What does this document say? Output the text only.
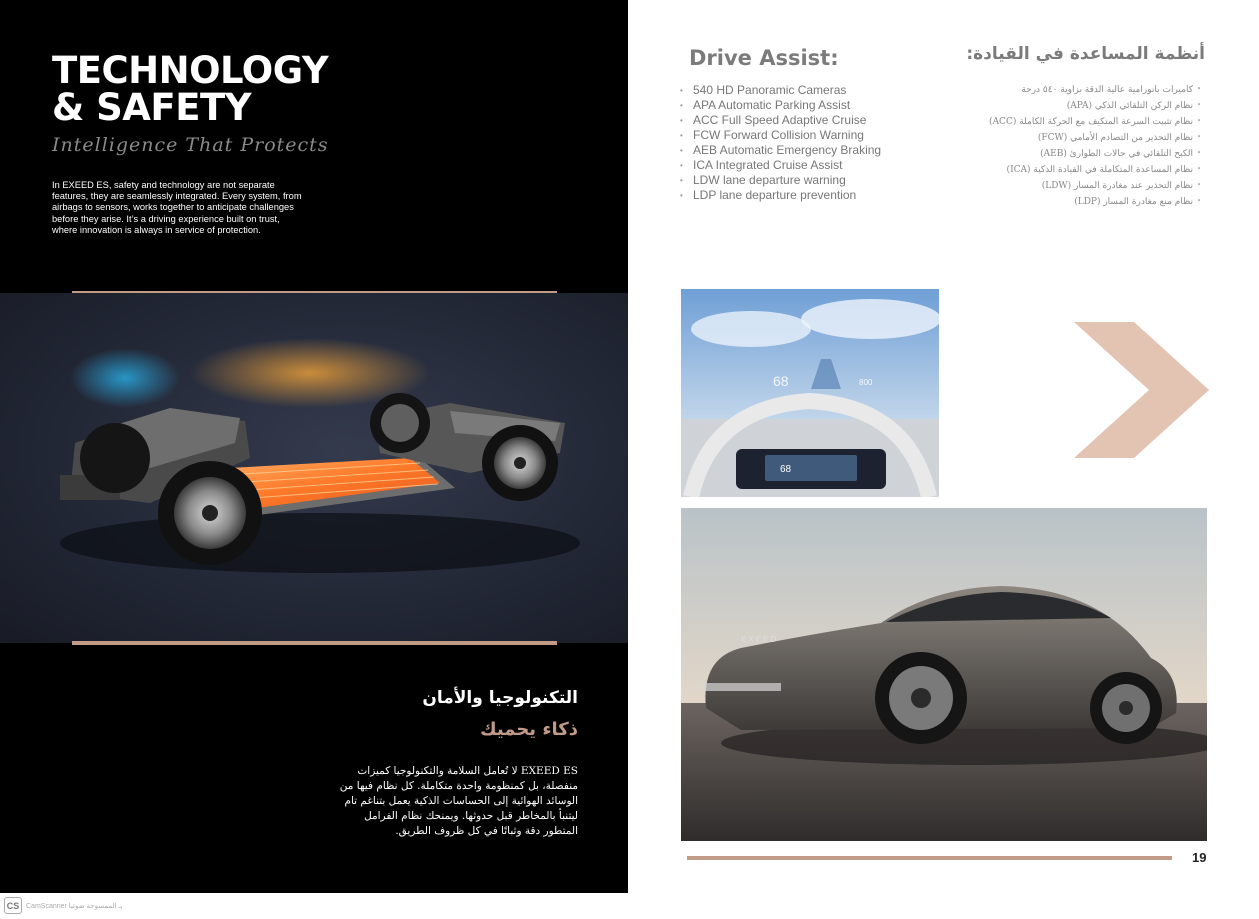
TECHNOLOGY
& SAFETY
Intelligence That Protects
In EXEED ES, safety and technology are not separate features, they are seamlessly integrated. Every system, from airbags to sensors, works together to anticipate challenges before they arise. It’s a driving experience built on trust, where innovation is always in service of protection.
التكنولوجيا والأمان
ذكاء يحميك
EXEED ES لا تُعامل السلامة والتكنولوجيا كميزات منفصلة، بل كمنظومة واحدة متكاملة. كل نظام فيها من الوسائد الهوائية إلى الحساسات الذكية يعمل بتناغم تام ليتنبأ بالمخاطر قبل حدوثها. ويمنحك نظام الفرامل المتطور دقة وثباتًا في كل ظروف الطريق.
Drive Assist:
• 540 HD Panoramic Cameras
• APA Automatic Parking Assist
• ACC Full Speed Adaptive Cruise
• FCW Forward Collision Warning
• AEB Automatic Emergency Braking
• ICA Integrated Cruise Assist
• LDW lane departure warning
• LDP lane departure prevention
أنظمة المساعدة في القيادة:
• كاميرات بانورامية عالية الدقة بزاوية ٥٤٠ درجة
• نظام الركن التلقائي الذكي (APA)
• نظام تثبيت السرعة المتكيف مع الحركة الكاملة (ACC)
• نظام التحذير من التصادم الأمامي (FCW)
• الكبح التلقائي في حالات الطوارئ (AEB)
• نظام المساعدة المتكاملة في القيادة الذكية (ICA)
• نظام التحذير عند مغادرة المسار (LDW)
• نظام منع مغادرة المسار (LDP)
68
68	800
EXEED
19
CS CamScanner بـ الممسوحة ضوئيا
